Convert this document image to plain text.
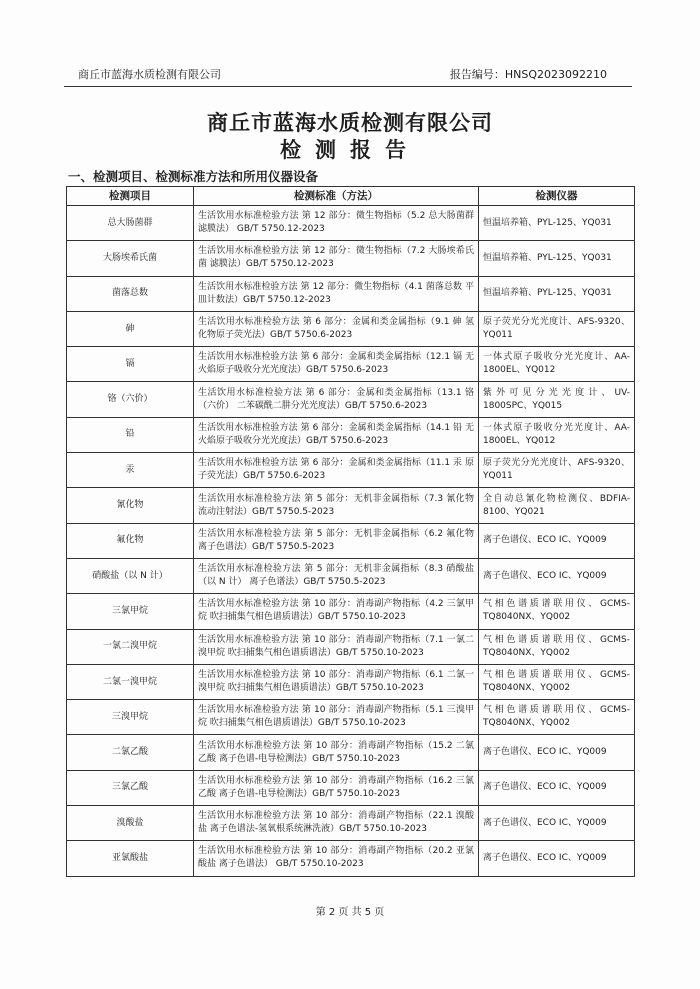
商丘市蓝海水质检测有限公司	报告编号：HNSQ2023092210
商丘市蓝海水质检测有限公司
检测报告
一、检测项目、检测标准方法和所用仪器设备
检测项目	检测标准（方法）	检测仪器
总大肠菌群	生活饮用水标准检验方法 第 12 部分：微生物指标（5.2 总大肠菌群 滤膜法） GB/T 5750.12-2023	恒温培养箱、PYL-125、YQ031
大肠埃希氏菌	生活饮用水标准检验方法 第 12 部分：微生物指标（7.2 大肠埃希氏菌 滤膜法）GB/T 5750.12-2023	恒温培养箱、PYL-125、YQ031
菌落总数	生活饮用水标准检验方法 第 12 部分：微生物指标（4.1 菌落总数 平皿计数法）GB/T 5750.12-2023	恒温培养箱、PYL-125、YQ031
砷	生活饮用水标准检验方法 第 6 部分：金属和类金属指标（9.1 砷 氢化物原子荧光法）GB/T 5750.6-2023	原子荧光分光光度计、AFS-9320、YQ011
镉	生活饮用水标准检验方法 第 6 部分：金属和类金属指标（12.1 镉 无火焰原子吸收分光光度法）GB/T 5750.6-2023	一体式原子吸收分光光度计、AA-1800EL、YQ012
铬（六价）	生活饮用水标准检验方法 第 6 部分：金属和类金属指标（13.1 铬（六价） 二苯碳酰二肼分光光度法）GB/T 5750.6-2023	紫外可见分光光度计、UV-1800SPC、YQ015
铅	生活饮用水标准检验方法 第 6 部分：金属和类金属指标（14.1 铅 无火焰原子吸收分光光度法）GB/T 5750.6-2023	一体式原子吸收分光光度计、AA-1800EL、YQ012
汞	生活饮用水标准检验方法 第 6 部分：金属和类金属指标（11.1 汞 原子荧光法）GB/T 5750.6-2023	原子荧光分光光度计、AFS-9320、YQ011
氰化物	生活饮用水标准检验方法 第 5 部分：无机非金属指标（7.3 氰化物 流动注射法）GB/T 5750.5-2023	全自动总氰化物检测仪、BDFIA-8100、YQ021
氟化物	生活饮用水标准检验方法 第 5 部分：无机非金属指标（6.2 氟化物 离子色谱法）GB/T 5750.5-2023	离子色谱仪、ECO IC、YQ009
硝酸盐（以 N 计）	生活饮用水标准检验方法 第 5 部分：无机非金属指标（8.3 硝酸盐（以 N 计） 离子色谱法）GB/T 5750.5-2023	离子色谱仪、ECO IC、YQ009
三氯甲烷	生活饮用水标准检验方法 第 10 部分：消毒副产物指标（4.2 三氯甲烷 吹扫捕集气相色谱质谱法）GB/T 5750.10-2023	气相色谱质谱联用仪、GCMS-TQ8040NX、YQ002
一氯二溴甲烷	生活饮用水标准检验方法 第 10 部分：消毒副产物指标（7.1 一氯二溴甲烷 吹扫捕集气相色谱质谱法）GB/T 5750.10-2023	气相色谱质谱联用仪、GCMS-TQ8040NX、YQ002
二氯一溴甲烷	生活饮用水标准检验方法 第 10 部分：消毒副产物指标（6.1 二氯一溴甲烷 吹扫捕集气相色谱质谱法）GB/T 5750.10-2023	气相色谱质谱联用仪、GCMS-TQ8040NX、YQ002
三溴甲烷	生活饮用水标准检验方法 第 10 部分：消毒副产物指标（5.1 三溴甲烷 吹扫捕集气相色谱质谱法）GB/T 5750.10-2023	气相色谱质谱联用仪、GCMS-TQ8040NX、YQ002
二氯乙酸	生活饮用水标准检验方法 第 10 部分：消毒副产物指标（15.2 二氯乙酸 离子色谱-电导检测法）GB/T 5750.10-2023	离子色谱仪、ECO IC、YQ009
三氯乙酸	生活饮用水标准检验方法 第 10 部分：消毒副产物指标（16.2 三氯乙酸 离子色谱-电导检测法）GB/T 5750.10-2023	离子色谱仪、ECO IC、YQ009
溴酸盐	生活饮用水标准检验方法 第 10 部分：消毒副产物指标（22.1 溴酸盐 离子色谱法-氢氧根系统淋洗液）GB/T 5750.10-2023	离子色谱仪、ECO IC、YQ009
亚氯酸盐	生活饮用水标准检验方法 第 10 部分：消毒副产物指标（20.2 亚氯酸盐 离子色谱法） GB/T 5750.10-2023	离子色谱仪、ECO IC、YQ009
第 2 页 共 5 页
